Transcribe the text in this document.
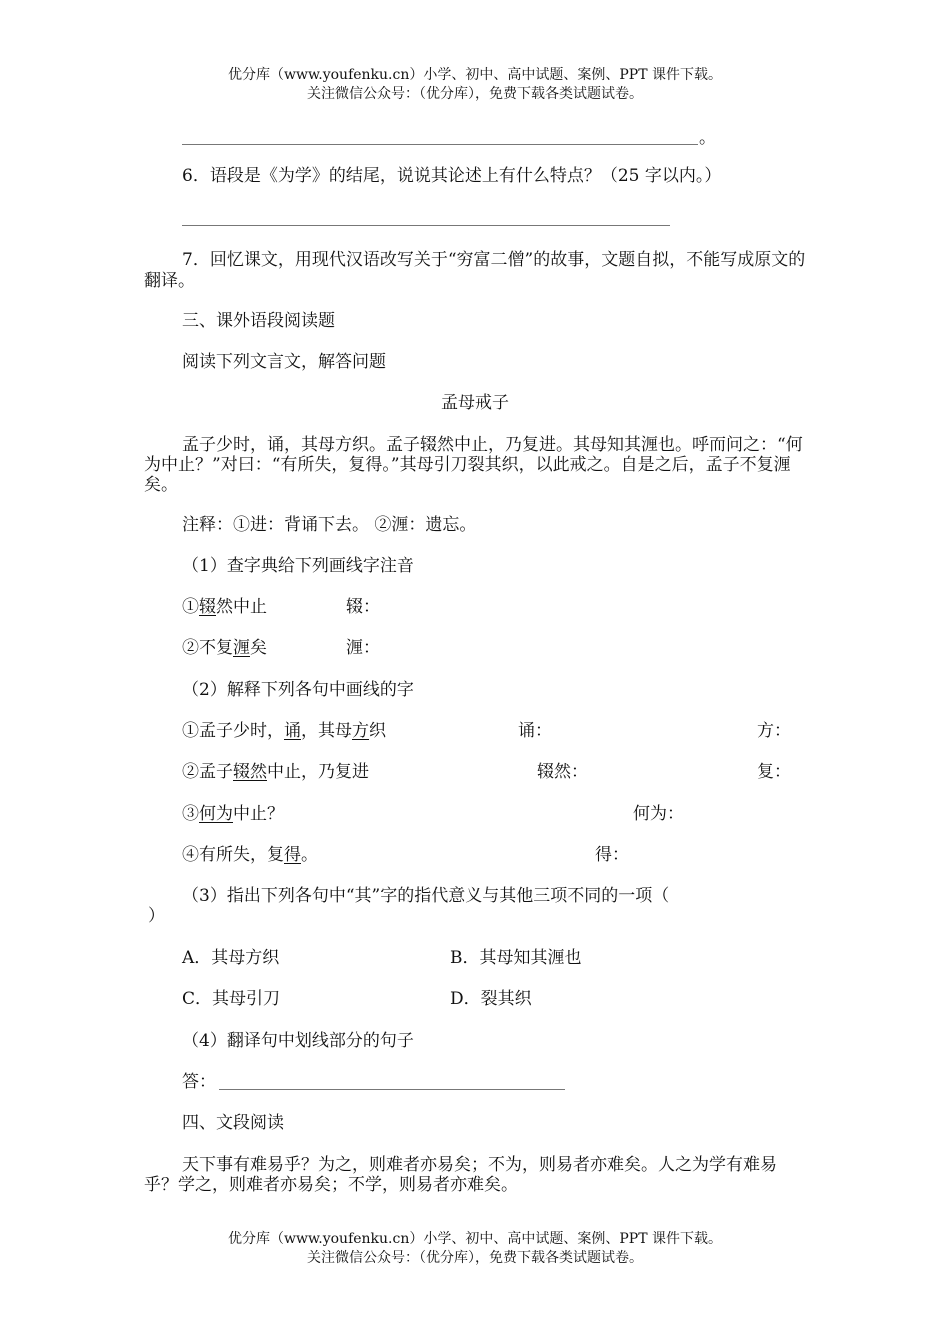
优分库（www.youfenku.cn）小学、初中、高中试题、案例、PPT 课件下载。
关注微信公众号：（优分库），免费下载各类试题试卷。
。
6．语段是《为学》的结尾，说说其论述上有什么特点？（25 字以内。）
7．回忆课文，用现代汉语改写关于“穷富二僧”的故事，文题自拟，不能写成原文的翻译。
三、课外语段阅读题
阅读下列文言文，解答问题
孟母戒子
孟子少时，诵，其母方织。孟子辍然中止，乃复进。其母知其湹也。呼而问之：“何为中止？”对曰：“有所失，复得。”其母引刀裂其织，以此戒之。自是之后，孟子不复湹矣。
注释：①进：背诵下去。 ②湹：遗忘。
（1）查字典给下列画线字注音
①辍然中止	辍：
②不复湹矣	湹：
（2）解释下列各句中画线的字
①孟子少时，诵，其母方织	诵：	方：
②孟子辍然中止，乃复进	辍然：	复：
③何为中止？	何为：
④有所失，复得。	得：
（3）指出下列各句中“其”字的指代意义与其他三项不同的一项（
）
A．其母方织	B．其母知其湹也
C．其母引刀	D．裂其织
（4）翻译句中划线部分的句子
答：
四、文段阅读
天下事有难易乎？为之，则难者亦易矣；不为，则易者亦难矣。人之为学有难易乎？学之，则难者亦易矣；不学，则易者亦难矣。
优分库（www.youfenku.cn）小学、初中、高中试题、案例、PPT 课件下载。
关注微信公众号：（优分库），免费下载各类试题试卷。
